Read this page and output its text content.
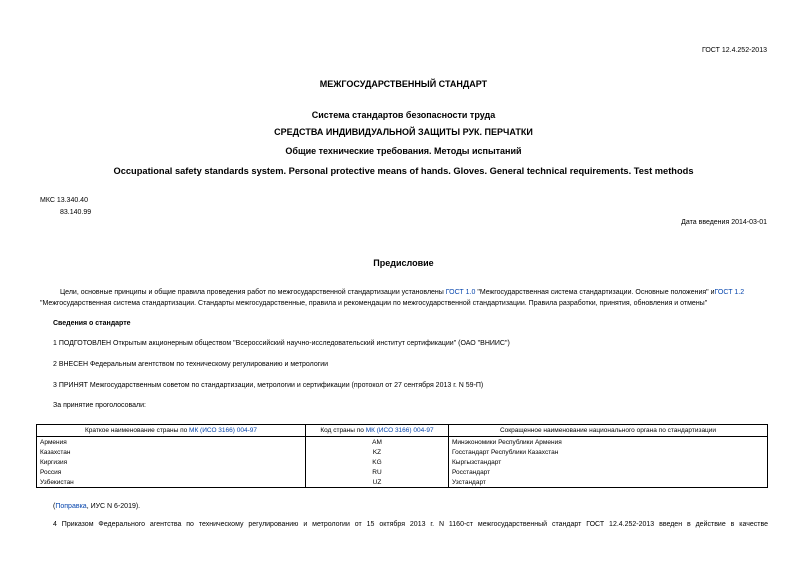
ГОСТ 12.4.252-2013
МЕЖГОСУДАРСТВЕННЫЙ СТАНДАРТ
Система стандартов безопасности труда
СРЕДСТВА ИНДИВИДУАЛЬНОЙ ЗАЩИТЫ РУК. ПЕРЧАТКИ
Общие технические требования. Методы испытаний
Occupational safety standards system. Personal protective means of hands. Gloves. General technical requirements. Test methods
МКС 13.340.40
83.140.99
Дата введения 2014-03-01
Предисловие
Цели, основные принципы и общие правила проведения работ по межгосударственной стандартизации установлены ГОСТ 1.0 "Межгосударственная система стандартизации. Основные положения" иГОСТ 1.2 "Межгосударственная система стандартизации. Стандарты межгосударственные, правила и рекомендации по межгосударственной стандартизации. Правила разработки, принятия, обновления и отмены"
Сведения о стандарте
1 ПОДГОТОВЛЕН Открытым акционерным обществом "Всероссийский научно-исследовательский институт сертификации" (ОАО "ВНИИС")
2 ВНЕСЕН Федеральным агентством по техническому регулированию и метрологии
3 ПРИНЯТ Межгосударственным советом по стандартизации, метрологии и сертификации (протокол от 27 сентября 2013 г. N 59-П)
За принятие проголосовали:
Краткое наименование страны по МК (ИСО 3166) 004-97	Код страны по МК (ИСО 3166) 004-97	Сокращенное наименование национального органа по стандартизации
Армения	AM	Минэкономики Республики Армения
Казахстан	KZ	Госстандарт Республики Казахстан
Киргизия	KG	Кыргызстандарт
Россия	RU	Росстандарт
Узбекистан	UZ	Узстандарт
(Поправка, ИУС N 6-2019).
4 Приказом Федерального агентства по техническому регулированию и метрологии от 15 октября 2013 г. N 1160-ст межгосударственный стандарт ГОСТ 12.4.252-2013 введен в действие в качестве
